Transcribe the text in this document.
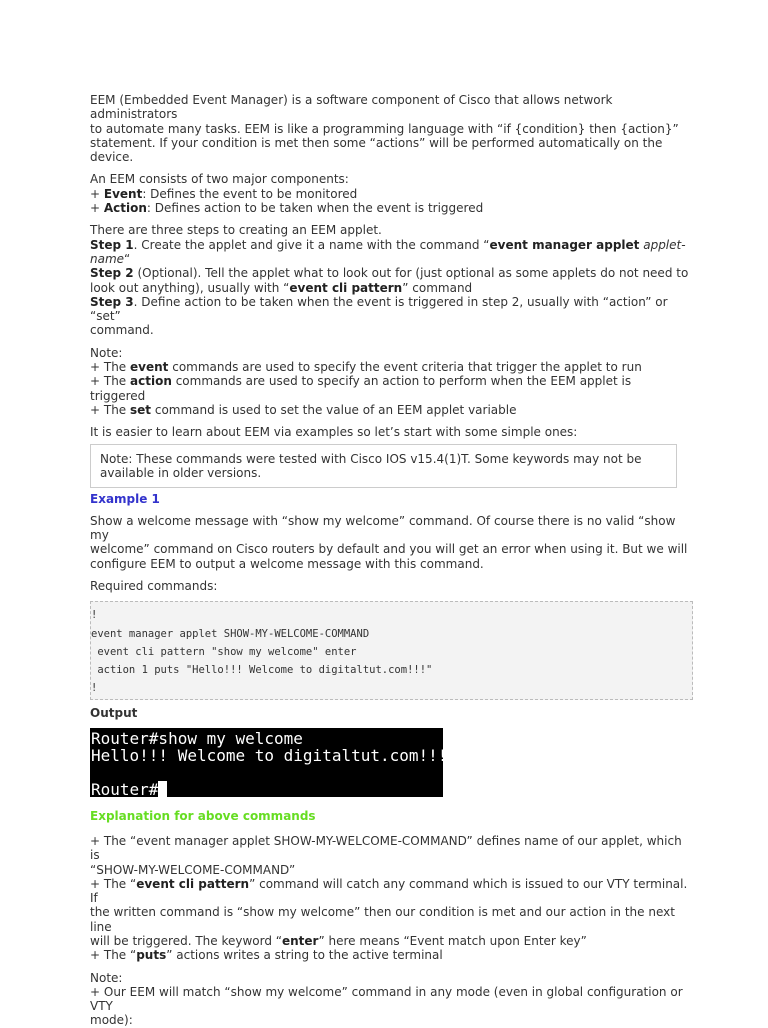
EEM (Embedded Event Manager) is a software component of Cisco that allows network administrators
to automate many tasks. EEM is like a programming language with “if {condition} then {action}”
statement. If your condition is met then some “actions” will be performed automatically on the device.

An EEM consists of two major components:
+ Event: Defines the event to be monitored
+ Action: Defines action to be taken when the event is triggered

There are three steps to creating an EEM applet.
Step 1. Create the applet and give it a name with the command “event manager applet applet-
name“
Step 2 (Optional). Tell the applet what to look out for (just optional as some applets do not need to
look out anything), usually with “event cli pattern” command
Step 3. Define action to be taken when the event is triggered in step 2, usually with “action” or “set”
command.

Note:
+ The event commands are used to specify the event criteria that trigger the applet to run
+ The action commands are used to specify an action to perform when the EEM applet is triggered
+ The set command is used to set the value of an EEM applet variable

It is easier to learn about EEM via examples so let’s start with some simple ones:

Note: These commands were tested with Cisco IOS v15.4(1)T. Some keywords may not be
available in older versions.

Example 1

Show a welcome message with “show my welcome” command. Of course there is no valid “show my
welcome” command on Cisco routers by default and you will get an error when using it. But we will
configure EEM to output a welcome message with this command.

Required commands:

!
event manager applet SHOW-MY-WELCOME-COMMAND
event cli pattern "show my welcome" enter
action 1 puts "Hello!!! Welcome to digitaltut.com!!!"
!

Output

Router#show my welcome
Hello!!! Welcome to digitaltut.com!!!

Router#

Explanation for above commands

+ The “event manager applet SHOW-MY-WELCOME-COMMAND” defines name of our applet, which is
“SHOW-MY-WELCOME-COMMAND”
+ The “event cli pattern” command will catch any command which is issued to our VTY terminal. If
the written command is “show my welcome” then our condition is met and our action in the next line
will be triggered. The keyword “enter” here means “Event match upon Enter key”
+ The “puts” actions writes a string to the active terminal

Note:
+ Our EEM will match “show my welcome” command in any mode (even in global configuration or VTY
mode):
